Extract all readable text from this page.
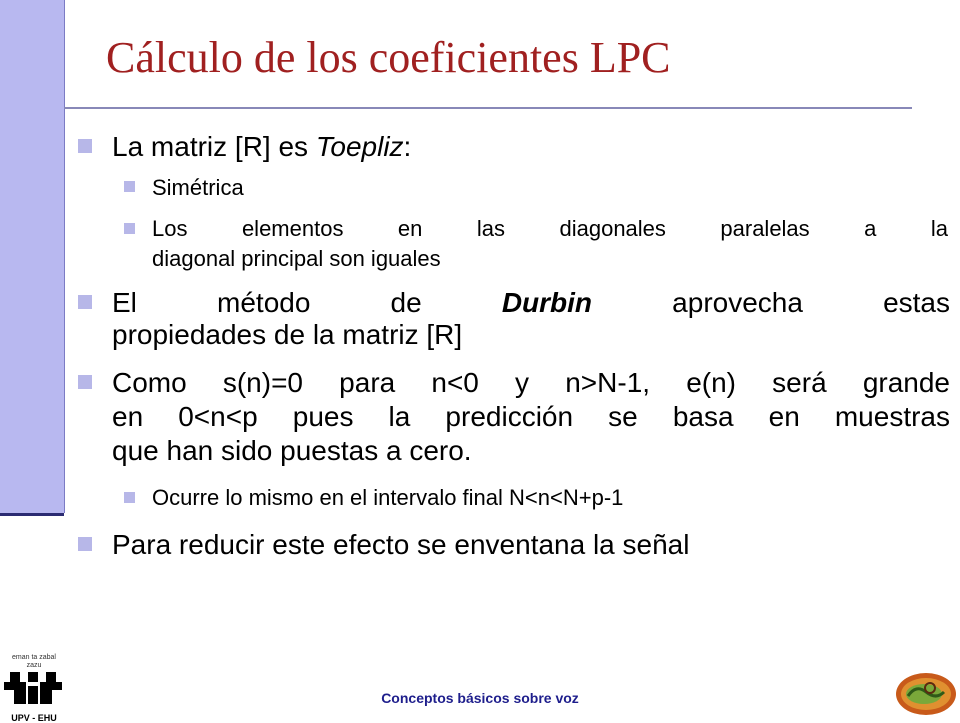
Cálculo de los coeficientes LPC

La matriz [R] es Toepliz:

Simétrica

Los elementos en las diagonales paralelas a la

diagonal principal son iguales

El método de Durbin aprovecha estas

propiedades de la matriz [R]

Como s(n)=0 para n<0 y n>N-1, e(n) será grande

en 0<n<p pues la predicción se basa en muestras

que han sido puestas a cero.

Ocurre lo mismo en el intervalo final N<n<N+p-1

Para reducir este efecto se enventana la señal

Conceptos básicos sobre voz
eman ta zabal zazu
UPV - EHU
